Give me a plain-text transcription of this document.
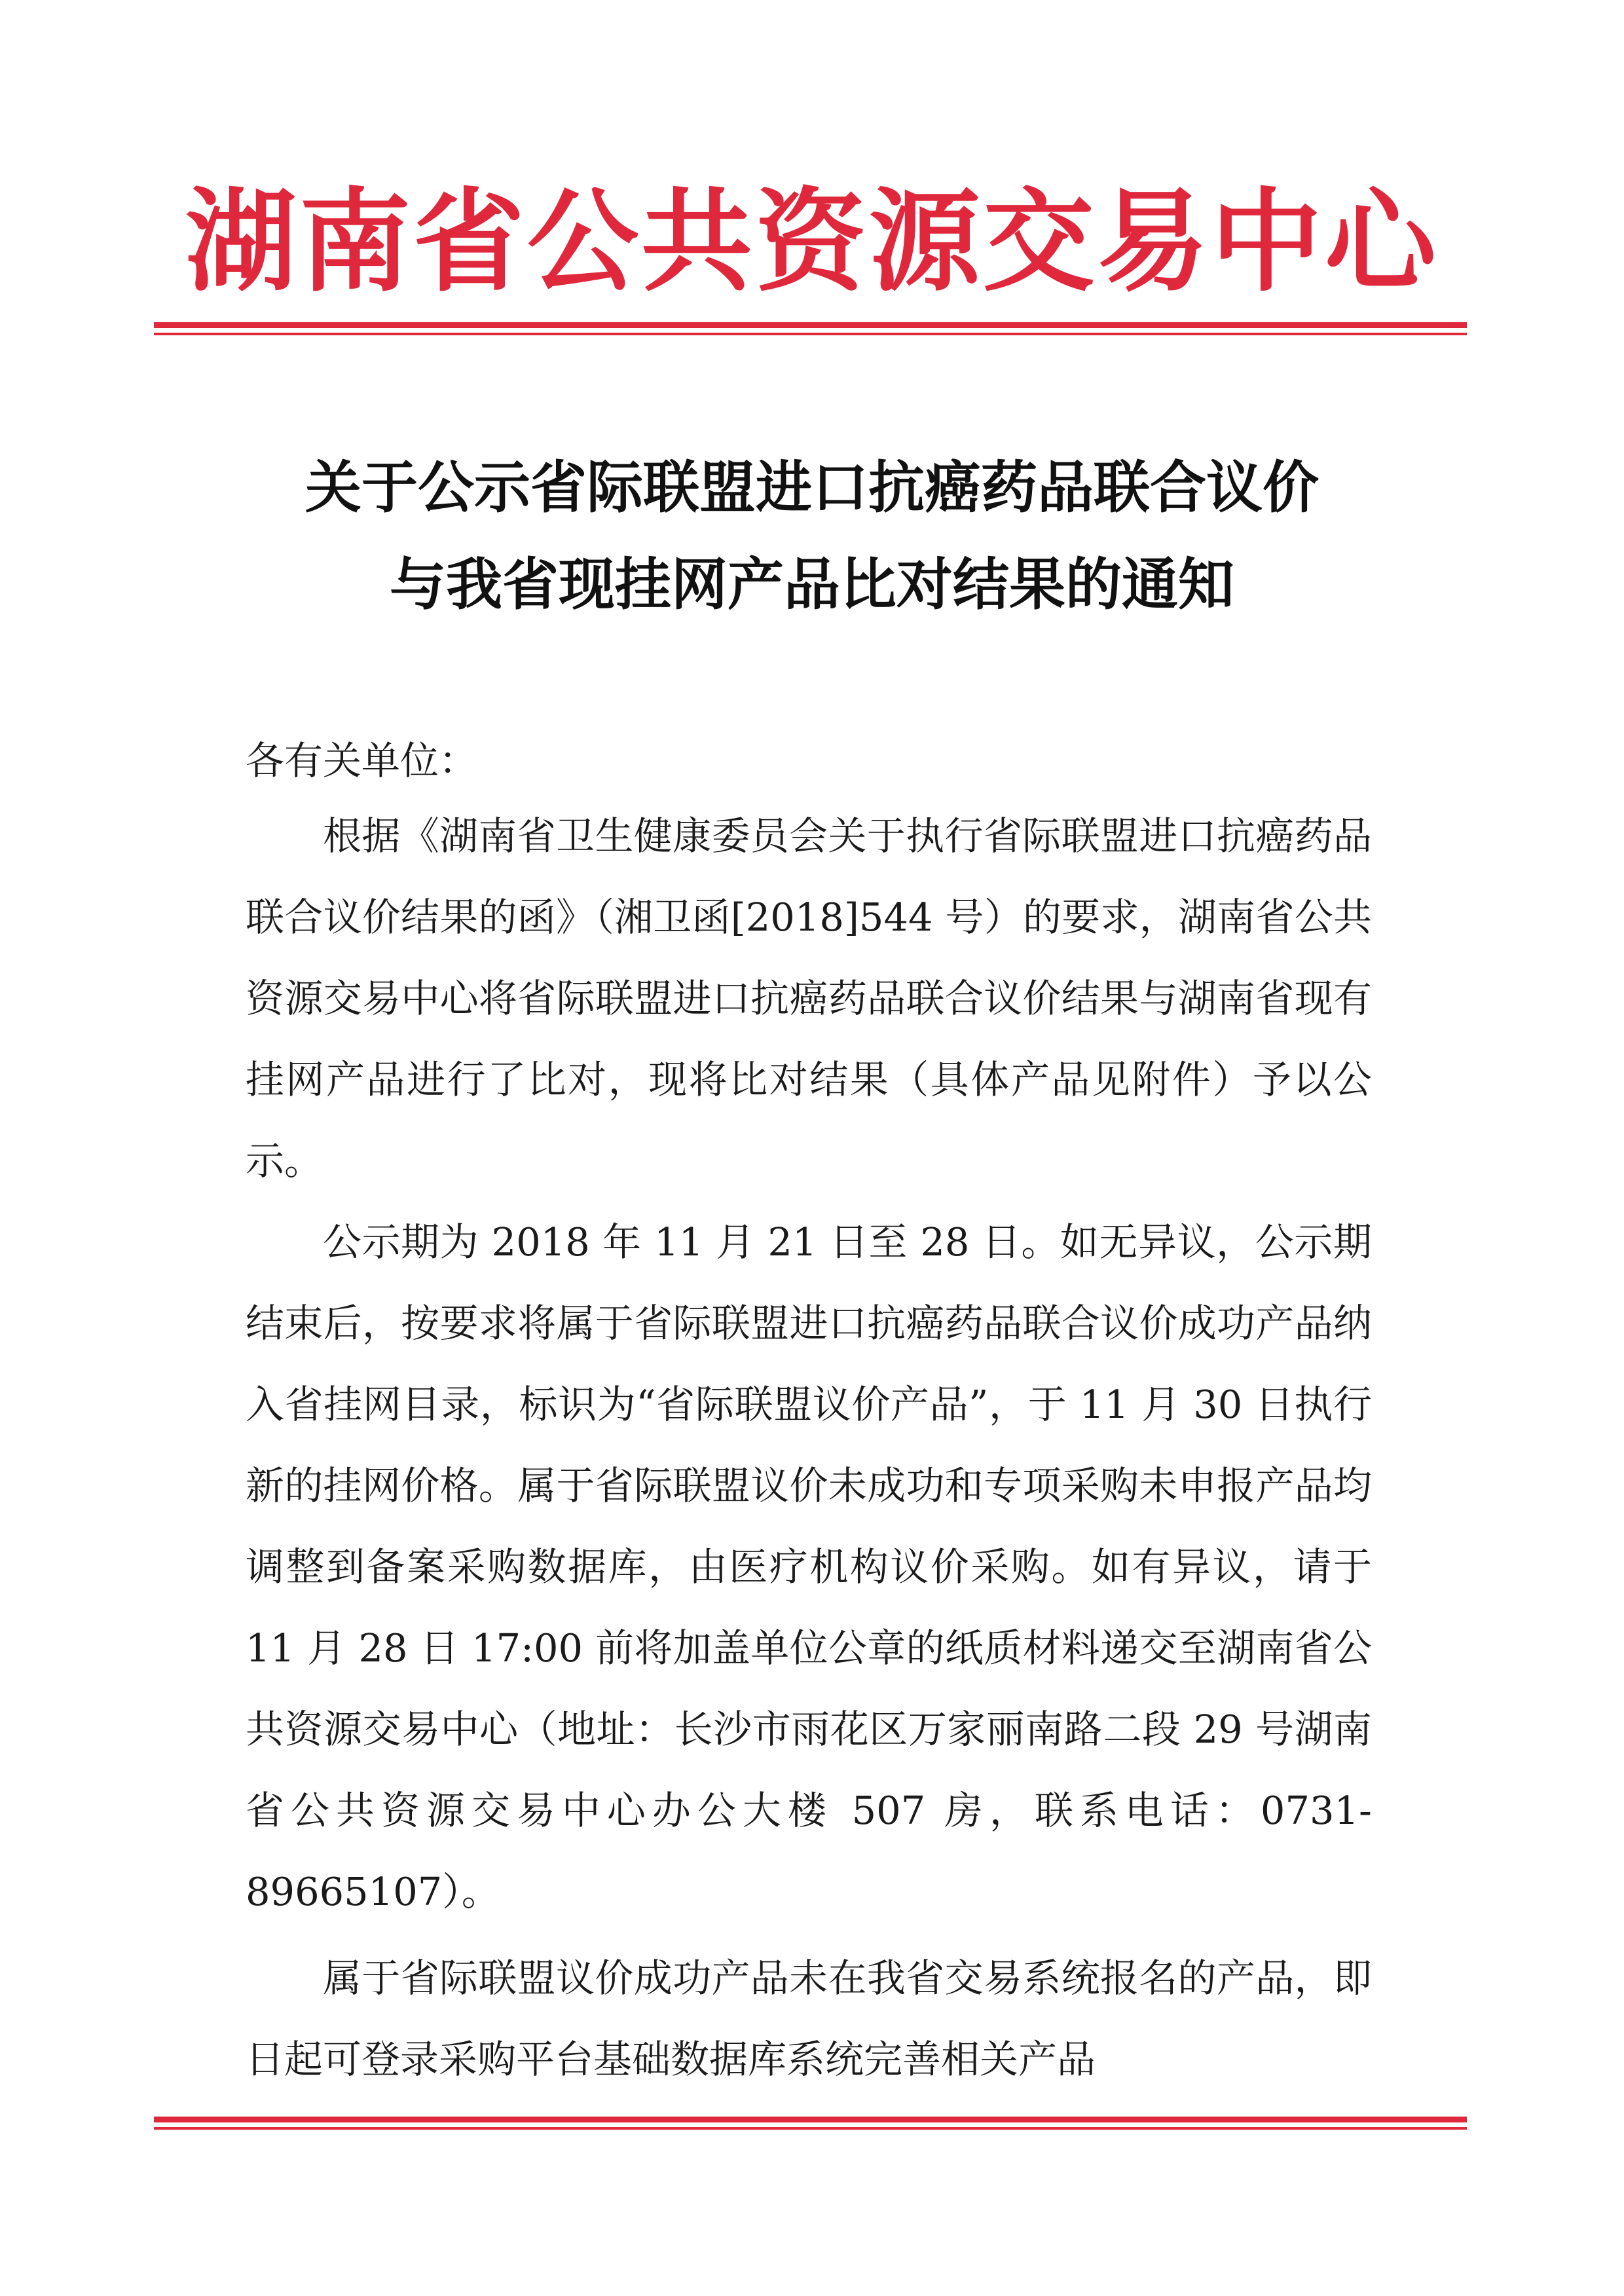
湖南省公共资源交易中心
关于公示省际联盟进口抗癌药品联合议价
与我省现挂网产品比对结果的通知
各有关单位：

根据《湖南省卫生健康委员会关于执行省际联盟进口抗癌药品联合议价结果的函》（湘卫函[2018]544 号）的要求，湖南省公共资源交易中心将省际联盟进口抗癌药品联合议价结果与湖南省现有挂网产品进行了比对，现将比对结果（具体产品见附件）予以公示。

公示期为 2018 年 11 月 21 日至 28 日。如无异议，公示期结束后，按要求将属于省际联盟进口抗癌药品联合议价成功产品纳入省挂网目录，标识为“省际联盟议价产品”，于 11 月 30 日执行新的挂网价格。属于省际联盟议价未成功和专项采购未申报产品均调整到备案采购数据库，由医疗机构议价采购。如有异议，请于 11 月 28 日 17:00 前将加盖单位公章的纸质材料递交至湖南省公共资源交易中心（地址：长沙市雨花区万家丽南路二段 29 号湖南省公共资源交易中心办公大楼 507 房，联系电话：0731-89665107）。

属于省际联盟议价成功产品未在我省交易系统报名的产品，即日起可登录采购平台基础数据库系统完善相关产品
